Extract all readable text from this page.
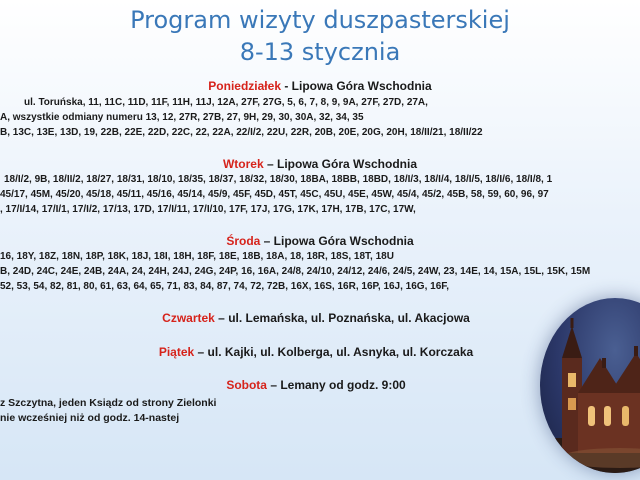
Program wizyty duszpasterskiej
8-13 stycznia
Poniedziałek - Lipowa Góra Wschodnia
ul. Toruńska, 11, 11C, 11D, 11F, 11H, 11J, 12A, 27F, 27G, 5, 6, 7, 8, 9, 9A, 27F, 27D, 27A,
A, wszystkie odmiany numeru 13, 12, 27R, 27B, 27, 9H, 29, 30, 30A, 32, 34, 35
B, 13C, 13E, 13D, 19, 22B, 22E, 22D, 22C, 22, 22A, 22/I/2, 22U, 22R, 20B, 20E, 20G, 20H, 18/II/21, 18/II/22
Wtorek – Lipowa Góra Wschodnia
18/I/2, 9B, 18/II/2, 18/27, 18/31, 18/10, 18/35, 18/37, 18/32, 18/30, 18BA, 18BB, 18BD, 18/I/3, 18/I/4, 18/I/5, 18/I/6, 18/I/8, 1
45/17, 45M, 45/20, 45/18, 45/11, 45/16, 45/14, 45/9, 45F, 45D, 45T, 45C, 45U, 45E, 45W, 45/4, 45/2, 45B, 58, 59, 60, 96, 97
, 17/I/14, 17/I/1, 17/I/2, 17/13, 17D, 17/I/11, 17/I/10, 17F, 17J, 17G, 17K, 17H, 17B, 17C, 17W,
Środa – Lipowa Góra Wschodnia
16, 18Y, 18Z, 18N, 18P, 18K, 18J, 18I, 18H, 18F, 18E, 18B, 18A, 18, 18R, 18S, 18T, 18U
B, 24D, 24C, 24E, 24B, 24A, 24, 24H, 24J, 24G, 24P, 16, 16A, 24/8, 24/10, 24/12, 24/6, 24/5, 24W, 23, 14E, 14, 15A, 15L, 15K, 15M
52, 53, 54, 82, 81, 80, 61, 63, 64, 65, 71, 83, 84, 87, 74, 72, 72B, 16X, 16S, 16R, 16P, 16J, 16G, 16F,
Czwartek – ul. Lemańska, ul. Poznańska, ul. Akacjowa
Piątek – ul. Kajki, ul. Kolberga, ul. Asnyka, ul. Korczaka
Sobota – Lemany od godz. 9:00
z Szczytna, jeden Ksiądz od strony Zielonki
nie wcześniej niż od godz. 14-nastej
